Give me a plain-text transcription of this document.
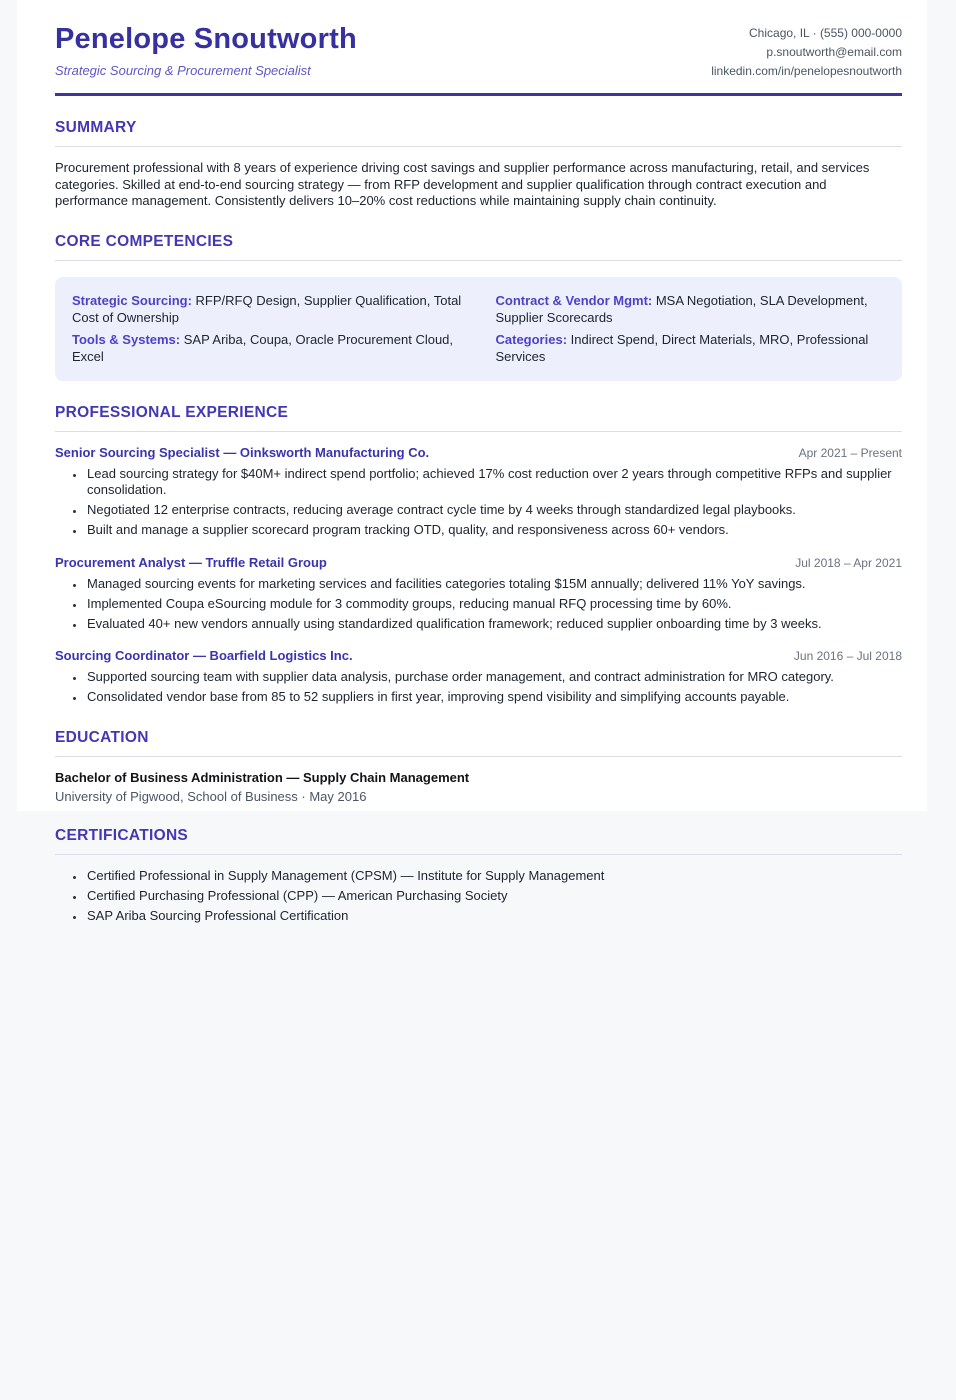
Penelope Snoutworth
Strategic Sourcing & Procurement Specialist
Chicago, IL · (555) 000-0000
p.snoutworth@email.com
linkedin.com/in/penelopesnoutworth
SUMMARY

Procurement professional with 8 years of experience driving cost savings and supplier performance across manufacturing, retail, and services categories. Skilled at end-to-end sourcing strategy — from RFP development and supplier qualification through contract execution and performance management. Consistently delivers 10–20% cost reductions while maintaining supply chain continuity.

CORE COMPETENCIES
Strategic Sourcing: RFP/RFQ Design, Supplier Qualification, Total Cost of Ownership
Contract & Vendor Mgmt: MSA Negotiation, SLA Development, Supplier Scorecards
Tools & Systems: SAP Ariba, Coupa, Oracle Procurement Cloud, Excel
Categories: Indirect Spend, Direct Materials, MRO, Professional Services
PROFESSIONAL EXPERIENCE
Senior Sourcing Specialist — Oinksworth Manufacturing Co.	Apr 2021 – Present
• Lead sourcing strategy for $40M+ indirect spend portfolio; achieved 17% cost reduction over 2 years through competitive RFPs and supplier consolidation.
• Negotiated 12 enterprise contracts, reducing average contract cycle time by 4 weeks through standardized legal playbooks.
• Built and manage a supplier scorecard program tracking OTD, quality, and responsiveness across 60+ vendors.
Procurement Analyst — Truffle Retail Group	Jul 2018 – Apr 2021
• Managed sourcing events for marketing services and facilities categories totaling $15M annually; delivered 11% YoY savings.
• Implemented Coupa eSourcing module for 3 commodity groups, reducing manual RFQ processing time by 60%.
• Evaluated 40+ new vendors annually using standardized qualification framework; reduced supplier onboarding time by 3 weeks.
Sourcing Coordinator — Boarfield Logistics Inc.	Jun 2016 – Jul 2018
• Supported sourcing team with supplier data analysis, purchase order management, and contract administration for MRO category.
• Consolidated vendor base from 85 to 52 suppliers in first year, improving spend visibility and simplifying accounts payable.
EDUCATION
Bachelor of Business Administration — Supply Chain Management
University of Pigwood, School of Business · May 2016
CERTIFICATIONS
• Certified Professional in Supply Management (CPSM) — Institute for Supply Management
• Certified Purchasing Professional (CPP) — American Purchasing Society
• SAP Ariba Sourcing Professional Certification
